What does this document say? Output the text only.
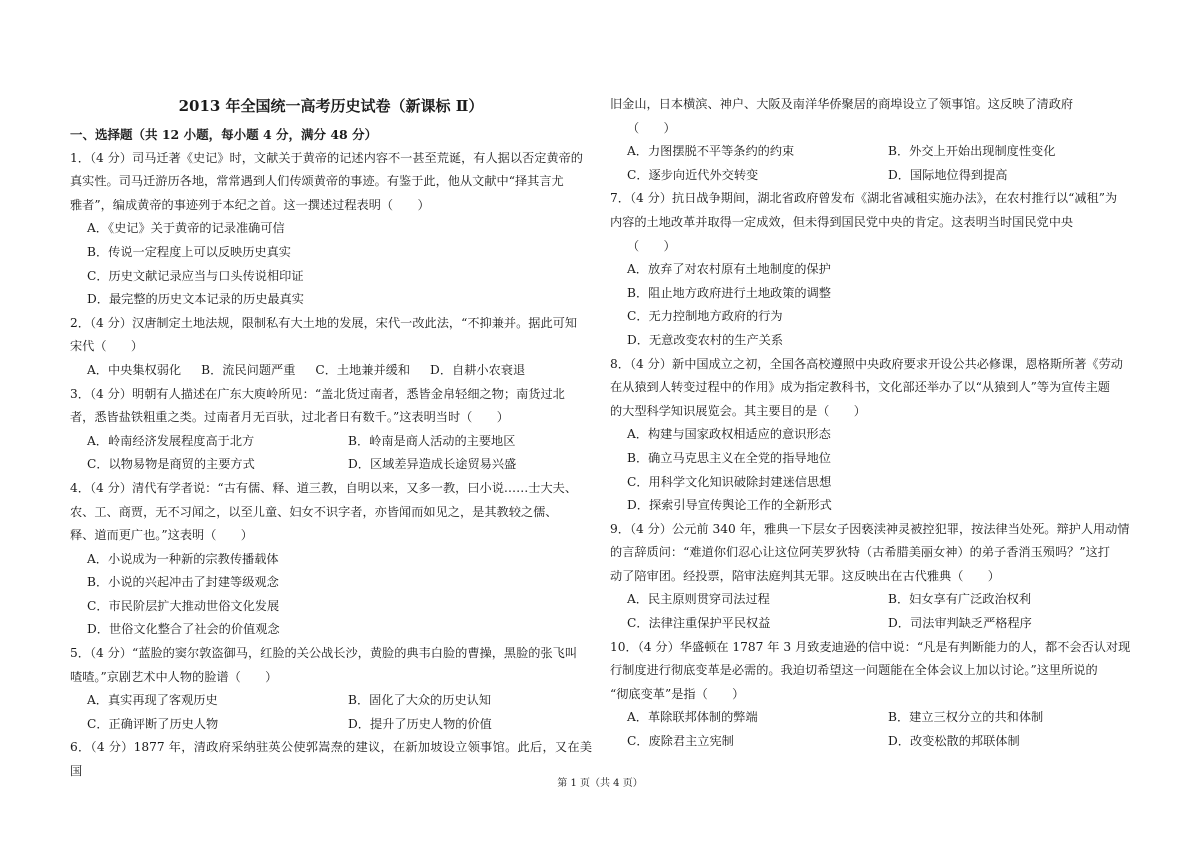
2013 年全国统一高考历史试卷（新课标 Ⅱ）
一、选择题（共 12 小题，每小题 4 分，满分 48 分）
1．（4 分）司马迁著《史记》时，文献关于黄帝的记述内容不一甚至荒诞，有人据以否定黄帝的
真实性。司马迁游历各地，常常遇到人们传颂黄帝的事迹。有鉴于此，他从文献中“择其言尤
雅者”，编成黄帝的事迹列于本纪之首。这一撰述过程表明（　　）
A．《史记》关于黄帝的记录准确可信
B．传说一定程度上可以反映历史真实
C．历史文献记录应当与口头传说相印证
D．最完整的历史文本记录的历史最真实
2．（4 分）汉唐制定土地法规，限制私有大土地的发展，宋代一改此法，“不抑兼并。据此可知
宋代（　　）
A．中央集权弱化 B．流民问题严重 C．土地兼并缓和 D．自耕小农衰退
3．（4 分）明朝有人描述在广东大庾岭所见：“盖北货过南者，悉皆金帛轻细之物；南货过北
者，悉皆盐铁粗重之类。过南者月无百驮，过北者日有数千。”这表明当时（　　）
A．岭南经济发展程度高于北方	B．岭南是商人活动的主要地区
C．以物易物是商贸的主要方式	D．区域差异造成长途贸易兴盛
4．（4 分）清代有学者说：“古有儒、释、道三教，自明以来，又多一教，曰小说……士大夫、
农、工、商贾，无不习闻之，以至儿童、妇女不识字者，亦皆闻而如见之，是其教较之儒、
释、道而更广也。”这表明（　　）
A．小说成为一种新的宗教传播载体
B．小说的兴起冲击了封建等级观念
C．市民阶层扩大推动世俗文化发展
D．世俗文化整合了社会的价值观念
5．（4 分）“蓝脸的窦尔敦盗御马，红脸的关公战长沙，黄脸的典韦白脸的曹操，黑脸的张飞叫
喳喳。”京剧艺术中人物的脸谱（　　）
A．真实再现了客观历史	B．固化了大众的历史认知
C．正确评断了历史人物	D．提升了历史人物的价值
6．（4 分）1877 年，清政府采纳驻英公使郭嵩焘的建议，在新加坡设立领事馆。此后，又在美国
旧金山，日本横滨、神户、大阪及南洋华侨聚居的商埠设立了领事馆。这反映了清政府
（　　）
A．力图摆脱不平等条约的约束	B．外交上开始出现制度性变化
C．逐步向近代外交转变	D．国际地位得到提高
7．（4 分）抗日战争期间，湖北省政府曾发布《湖北省减租实施办法》，在农村推行以“减租”为
内容的土地改革并取得一定成效，但未得到国民党中央的肯定。这表明当时国民党中央
（　　）
A．放弃了对农村原有土地制度的保护
B．阻止地方政府进行土地政策的调整
C．无力控制地方政府的行为
D．无意改变农村的生产关系
8．（4 分）新中国成立之初，全国各高校遵照中央政府要求开设公共必修课，恩格斯所著《劳动
在从猿到人转变过程中的作用》成为指定教科书，文化部还举办了以“从猿到人”等为宣传主题
的大型科学知识展览会。其主要目的是（　　）
A．构建与国家政权相适应的意识形态
B．确立马克思主义在全党的指导地位
C．用科学文化知识破除封建迷信思想
D．探索引导宣传舆论工作的全新形式
9．（4 分）公元前 340 年，雅典一下层女子因亵渎神灵被控犯罪，按法律当处死。辩护人用动情
的言辞质问：“难道你们忍心让这位阿芙罗狄特（古希腊美丽女神）的弟子香消玉殒吗？”这打
动了陪审团。经投票，陪审法庭判其无罪。这反映出在古代雅典（　　）
A．民主原则贯穿司法过程	B．妇女享有广泛政治权利
C．法律注重保护平民权益	D．司法审判缺乏严格程序
10．（4 分）华盛顿在 1787 年 3 月致麦迪逊的信中说：“凡是有判断能力的人，都不会否认对现
行制度进行彻底变革是必需的。我迫切希望这一问题能在全体会议上加以讨论。”这里所说的
“彻底变革”是指（　　）
A．革除联邦体制的弊端	B．建立三权分立的共和体制
C．废除君主立宪制	D．改变松散的邦联体制
第 1 页（共 4 页）
